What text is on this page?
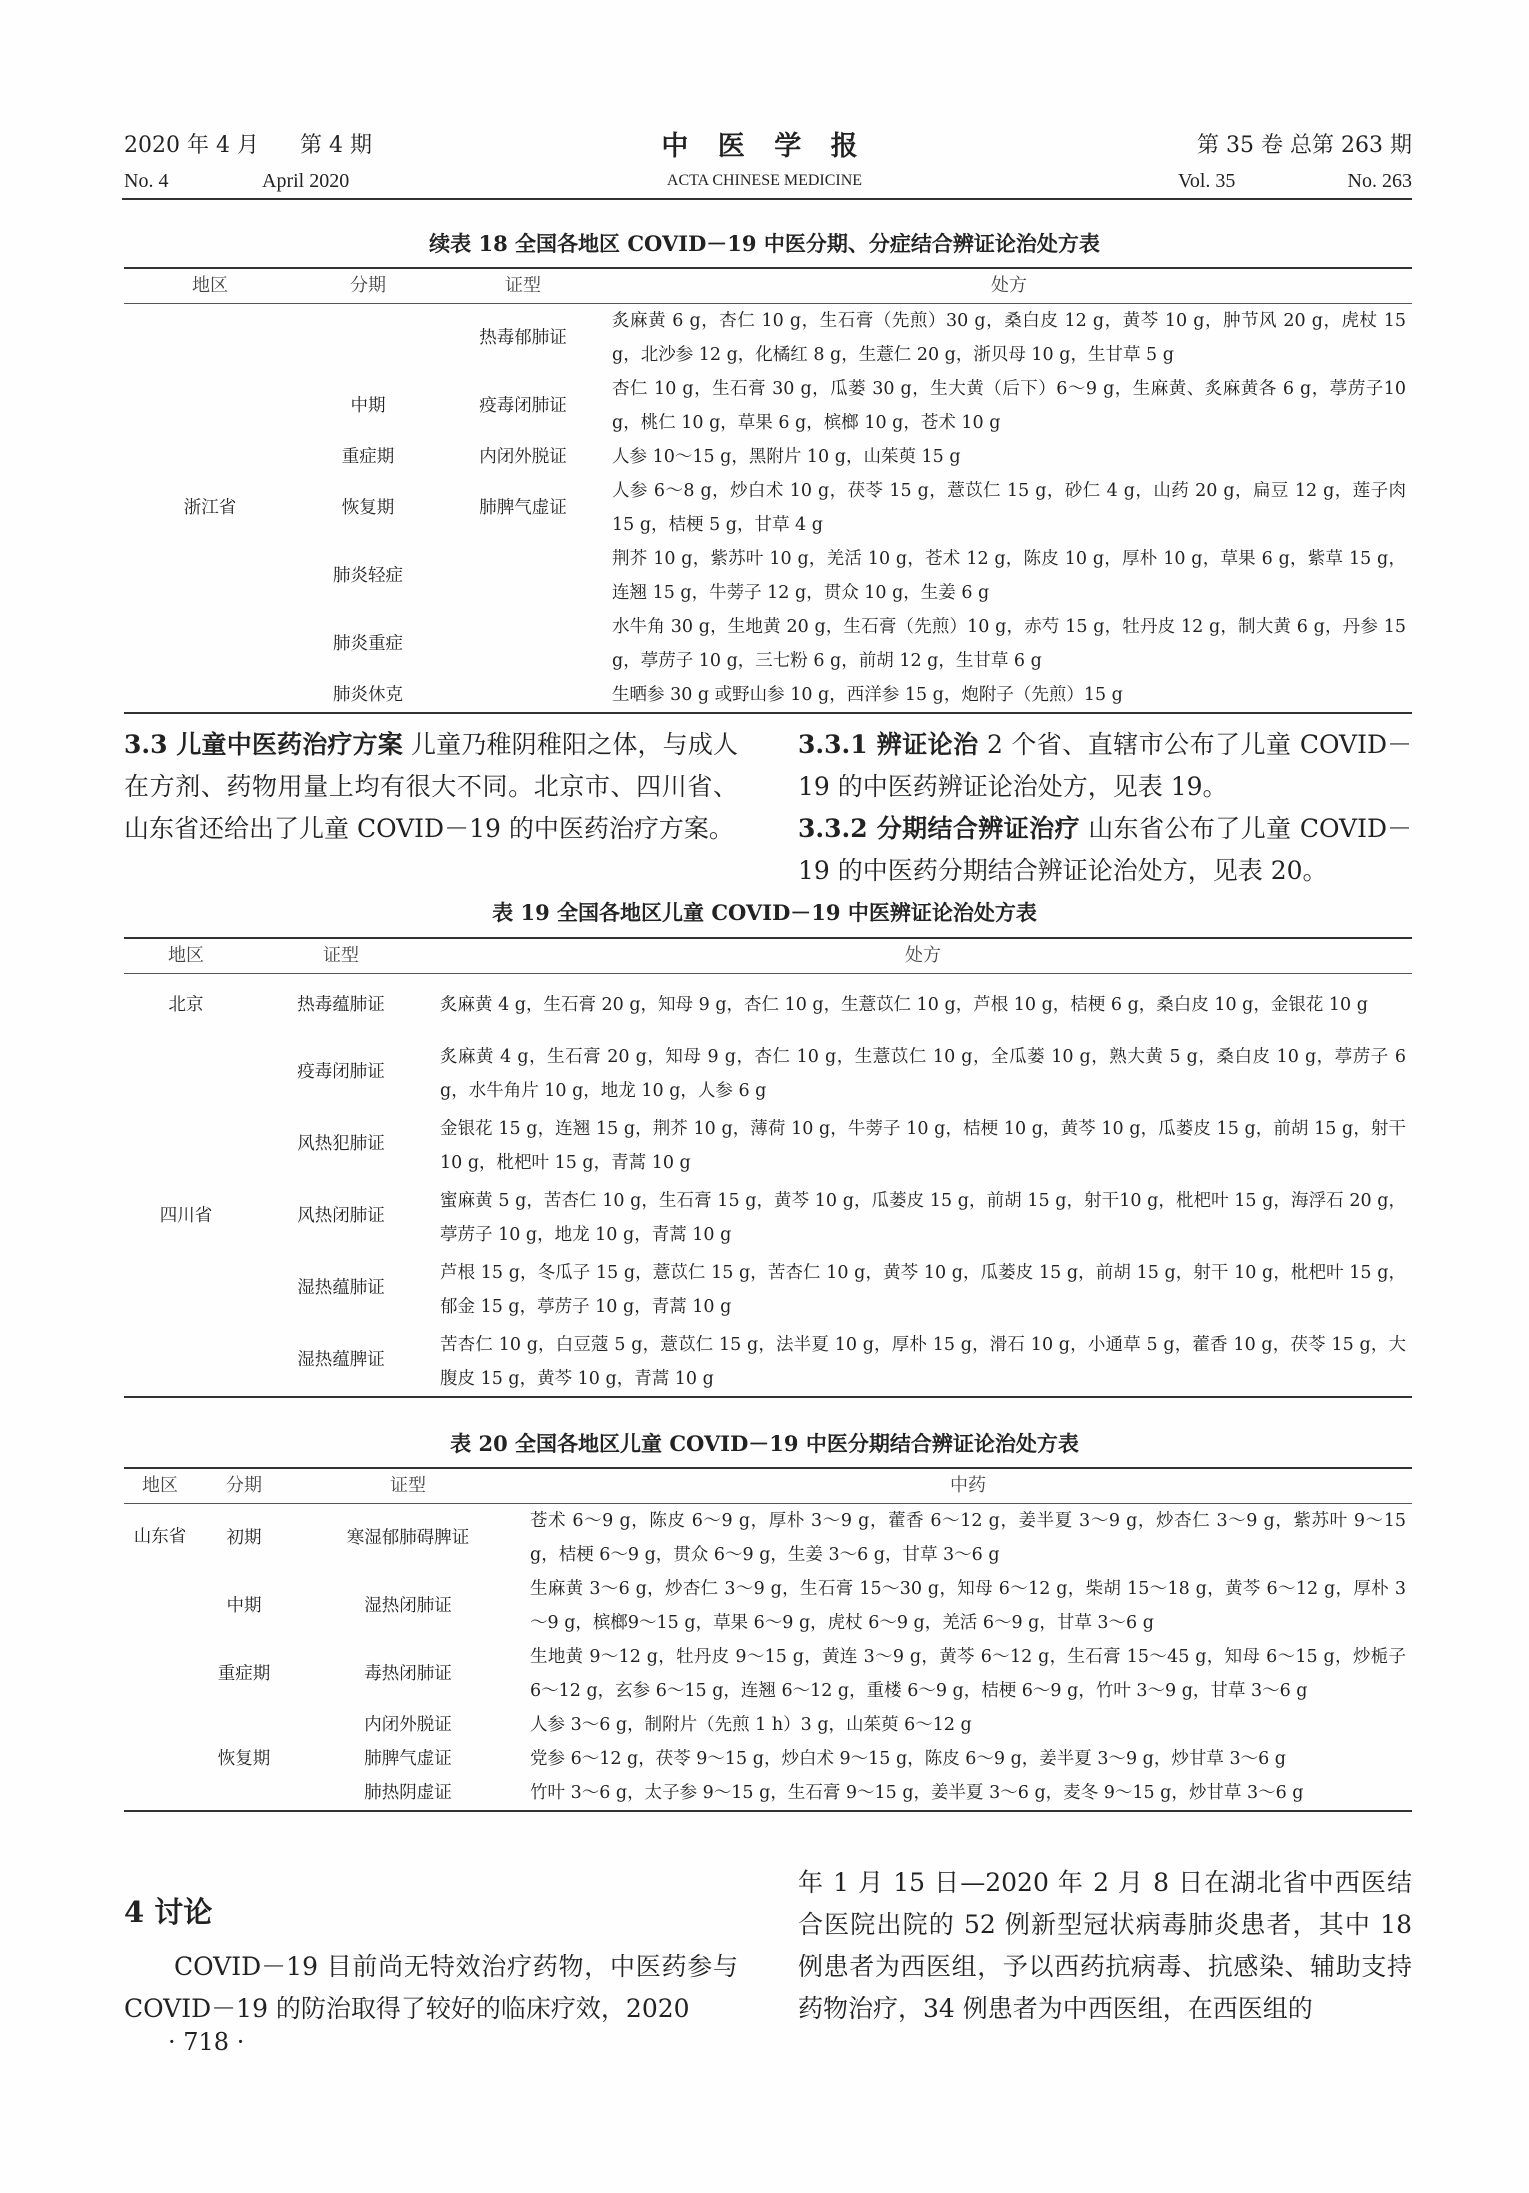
2020 年 4 月 第 4 期	中 医 学 报	第 35 卷 总第 263 期
No. 4	April 2020	ACTA CHINESE MEDICINE	Vol. 35	No. 263
续表 18 全国各地区 COVID－19 中医分期、分症结合辨证论治处方表
地区	分期	证型	处方
浙江省		热毒郁肺证	炙麻黄 6 g，杏仁 10 g，生石膏（先煎）30 g，桑白皮 12 g，黄芩 10 g，肿节风 20 g，虎杖 15 g，北沙参 12 g，化橘红 8 g，生薏仁 20 g，浙贝母 10 g，生甘草 5 g
	中期	疫毒闭肺证	杏仁 10 g，生石膏 30 g，瓜蒌 30 g，生大黄（后下）6～9 g，生麻黄、炙麻黄各 6 g，葶苈子10 g，桃仁 10 g，草果 6 g，槟榔 10 g，苍术 10 g
	重症期	内闭外脱证	人参 10～15 g，黑附片 10 g，山茱萸 15 g
	恢复期	肺脾气虚证	人参 6～8 g，炒白术 10 g，茯苓 15 g，薏苡仁 15 g，砂仁 4 g，山药 20 g，扁豆 12 g，莲子肉 15 g，桔梗 5 g，甘草 4 g
	肺炎轻症		荆芥 10 g，紫苏叶 10 g，羌活 10 g，苍术 12 g，陈皮 10 g，厚朴 10 g，草果 6 g，紫草 15 g，连翘 15 g，牛蒡子 12 g，贯众 10 g，生姜 6 g
	肺炎重症		水牛角 30 g，生地黄 20 g，生石膏（先煎）10 g，赤芍 15 g，牡丹皮 12 g，制大黄 6 g，丹参 15 g，葶苈子 10 g，三七粉 6 g，前胡 12 g，生甘草 6 g
	肺炎休克		生晒参 30 g 或野山参 10 g，西洋参 15 g，炮附子（先煎）15 g
3.3 儿童中医药治疗方案 儿童乃稚阴稚阳之体，与成人在方剂、药物用量上均有很大不同。北京市、四川省、山东省还给出了儿童 COVID－19 的中医药治疗方案。
3.3.1 辨证论治 2 个省、直辖市公布了儿童 COVID－19 的中医药辨证论治处方，见表 19。
3.3.2 分期结合辨证治疗 山东省公布了儿童 COVID－19 的中医药分期结合辨证论治处方，见表 20。
表 19 全国各地区儿童 COVID－19 中医辨证论治处方表
地区	证型	处方
北京	热毒蕴肺证	炙麻黄 4 g，生石膏 20 g，知母 9 g，杏仁 10 g，生薏苡仁 10 g，芦根 10 g，桔梗 6 g，桑白皮 10 g，金银花 10 g
四川省	疫毒闭肺证	炙麻黄 4 g，生石膏 20 g，知母 9 g，杏仁 10 g，生薏苡仁 10 g，全瓜蒌 10 g，熟大黄 5 g，桑白皮 10 g，葶苈子 6 g，水牛角片 10 g，地龙 10 g，人参 6 g
	风热犯肺证	金银花 15 g，连翘 15 g，荆芥 10 g，薄荷 10 g，牛蒡子 10 g，桔梗 10 g，黄芩 10 g，瓜蒌皮 15 g，前胡 15 g，射干 10 g，枇杷叶 15 g，青蒿 10 g
	风热闭肺证	蜜麻黄 5 g，苦杏仁 10 g，生石膏 15 g，黄芩 10 g，瓜蒌皮 15 g，前胡 15 g，射干10 g，枇杷叶 15 g，海浮石 20 g，葶苈子 10 g，地龙 10 g，青蒿 10 g
	湿热蕴肺证	芦根 15 g，冬瓜子 15 g，薏苡仁 15 g，苦杏仁 10 g，黄芩 10 g，瓜蒌皮 15 g，前胡 15 g，射干 10 g，枇杷叶 15 g，郁金 15 g，葶苈子 10 g，青蒿 10 g
	湿热蕴脾证	苦杏仁 10 g，白豆蔻 5 g，薏苡仁 15 g，法半夏 10 g，厚朴 15 g，滑石 10 g，小通草 5 g，藿香 10 g，茯苓 15 g，大腹皮 15 g，黄芩 10 g，青蒿 10 g
表 20 全国各地区儿童 COVID－19 中医分期结合辨证论治处方表
地区	分期	证型	中药
山东省	初期	寒湿郁肺碍脾证	苍术 6～9 g，陈皮 6～9 g，厚朴 3～9 g，藿香 6～12 g，姜半夏 3～9 g，炒杏仁 3～9 g，紫苏叶 9～15 g，桔梗 6～9 g，贯众 6～9 g，生姜 3～6 g，甘草 3～6 g
	中期	湿热闭肺证	生麻黄 3～6 g，炒杏仁 3～9 g，生石膏 15～30 g，知母 6～12 g，柴胡 15～18 g，黄芩 6～12 g，厚朴 3～9 g，槟榔9～15 g，草果 6～9 g，虎杖 6～9 g，羌活 6～9 g，甘草 3～6 g
	重症期	毒热闭肺证	生地黄 9～12 g，牡丹皮 9～15 g，黄连 3～9 g，黄芩 6～12 g，生石膏 15～45 g，知母 6～15 g，炒栀子 6～12 g，玄参 6～15 g，连翘 6～12 g，重楼 6～9 g，桔梗 6～9 g，竹叶 3～9 g，甘草 3～6 g
		内闭外脱证	人参 3～6 g，制附片（先煎 1 h）3 g，山茱萸 6～12 g
	恢复期	肺脾气虚证	党参 6～12 g，茯苓 9～15 g，炒白术 9～15 g，陈皮 6～9 g，姜半夏 3～9 g，炒甘草 3～6 g
		肺热阴虚证	竹叶 3～6 g，太子参 9～15 g，生石膏 9～15 g，姜半夏 3～6 g，麦冬 9～15 g，炒甘草 3～6 g
4 讨论
COVID－19 目前尚无特效治疗药物，中医药参与 COVID－19 的防治取得了较好的临床疗效，2020
年 1 月 15 日—2020 年 2 月 8 日在湖北省中西医结合医院出院的 52 例新型冠状病毒肺炎患者，其中 18 例患者为西医组，予以西药抗病毒、抗感染、辅助支持药物治疗，34 例患者为中西医组，在西医组的
· 718 ·
